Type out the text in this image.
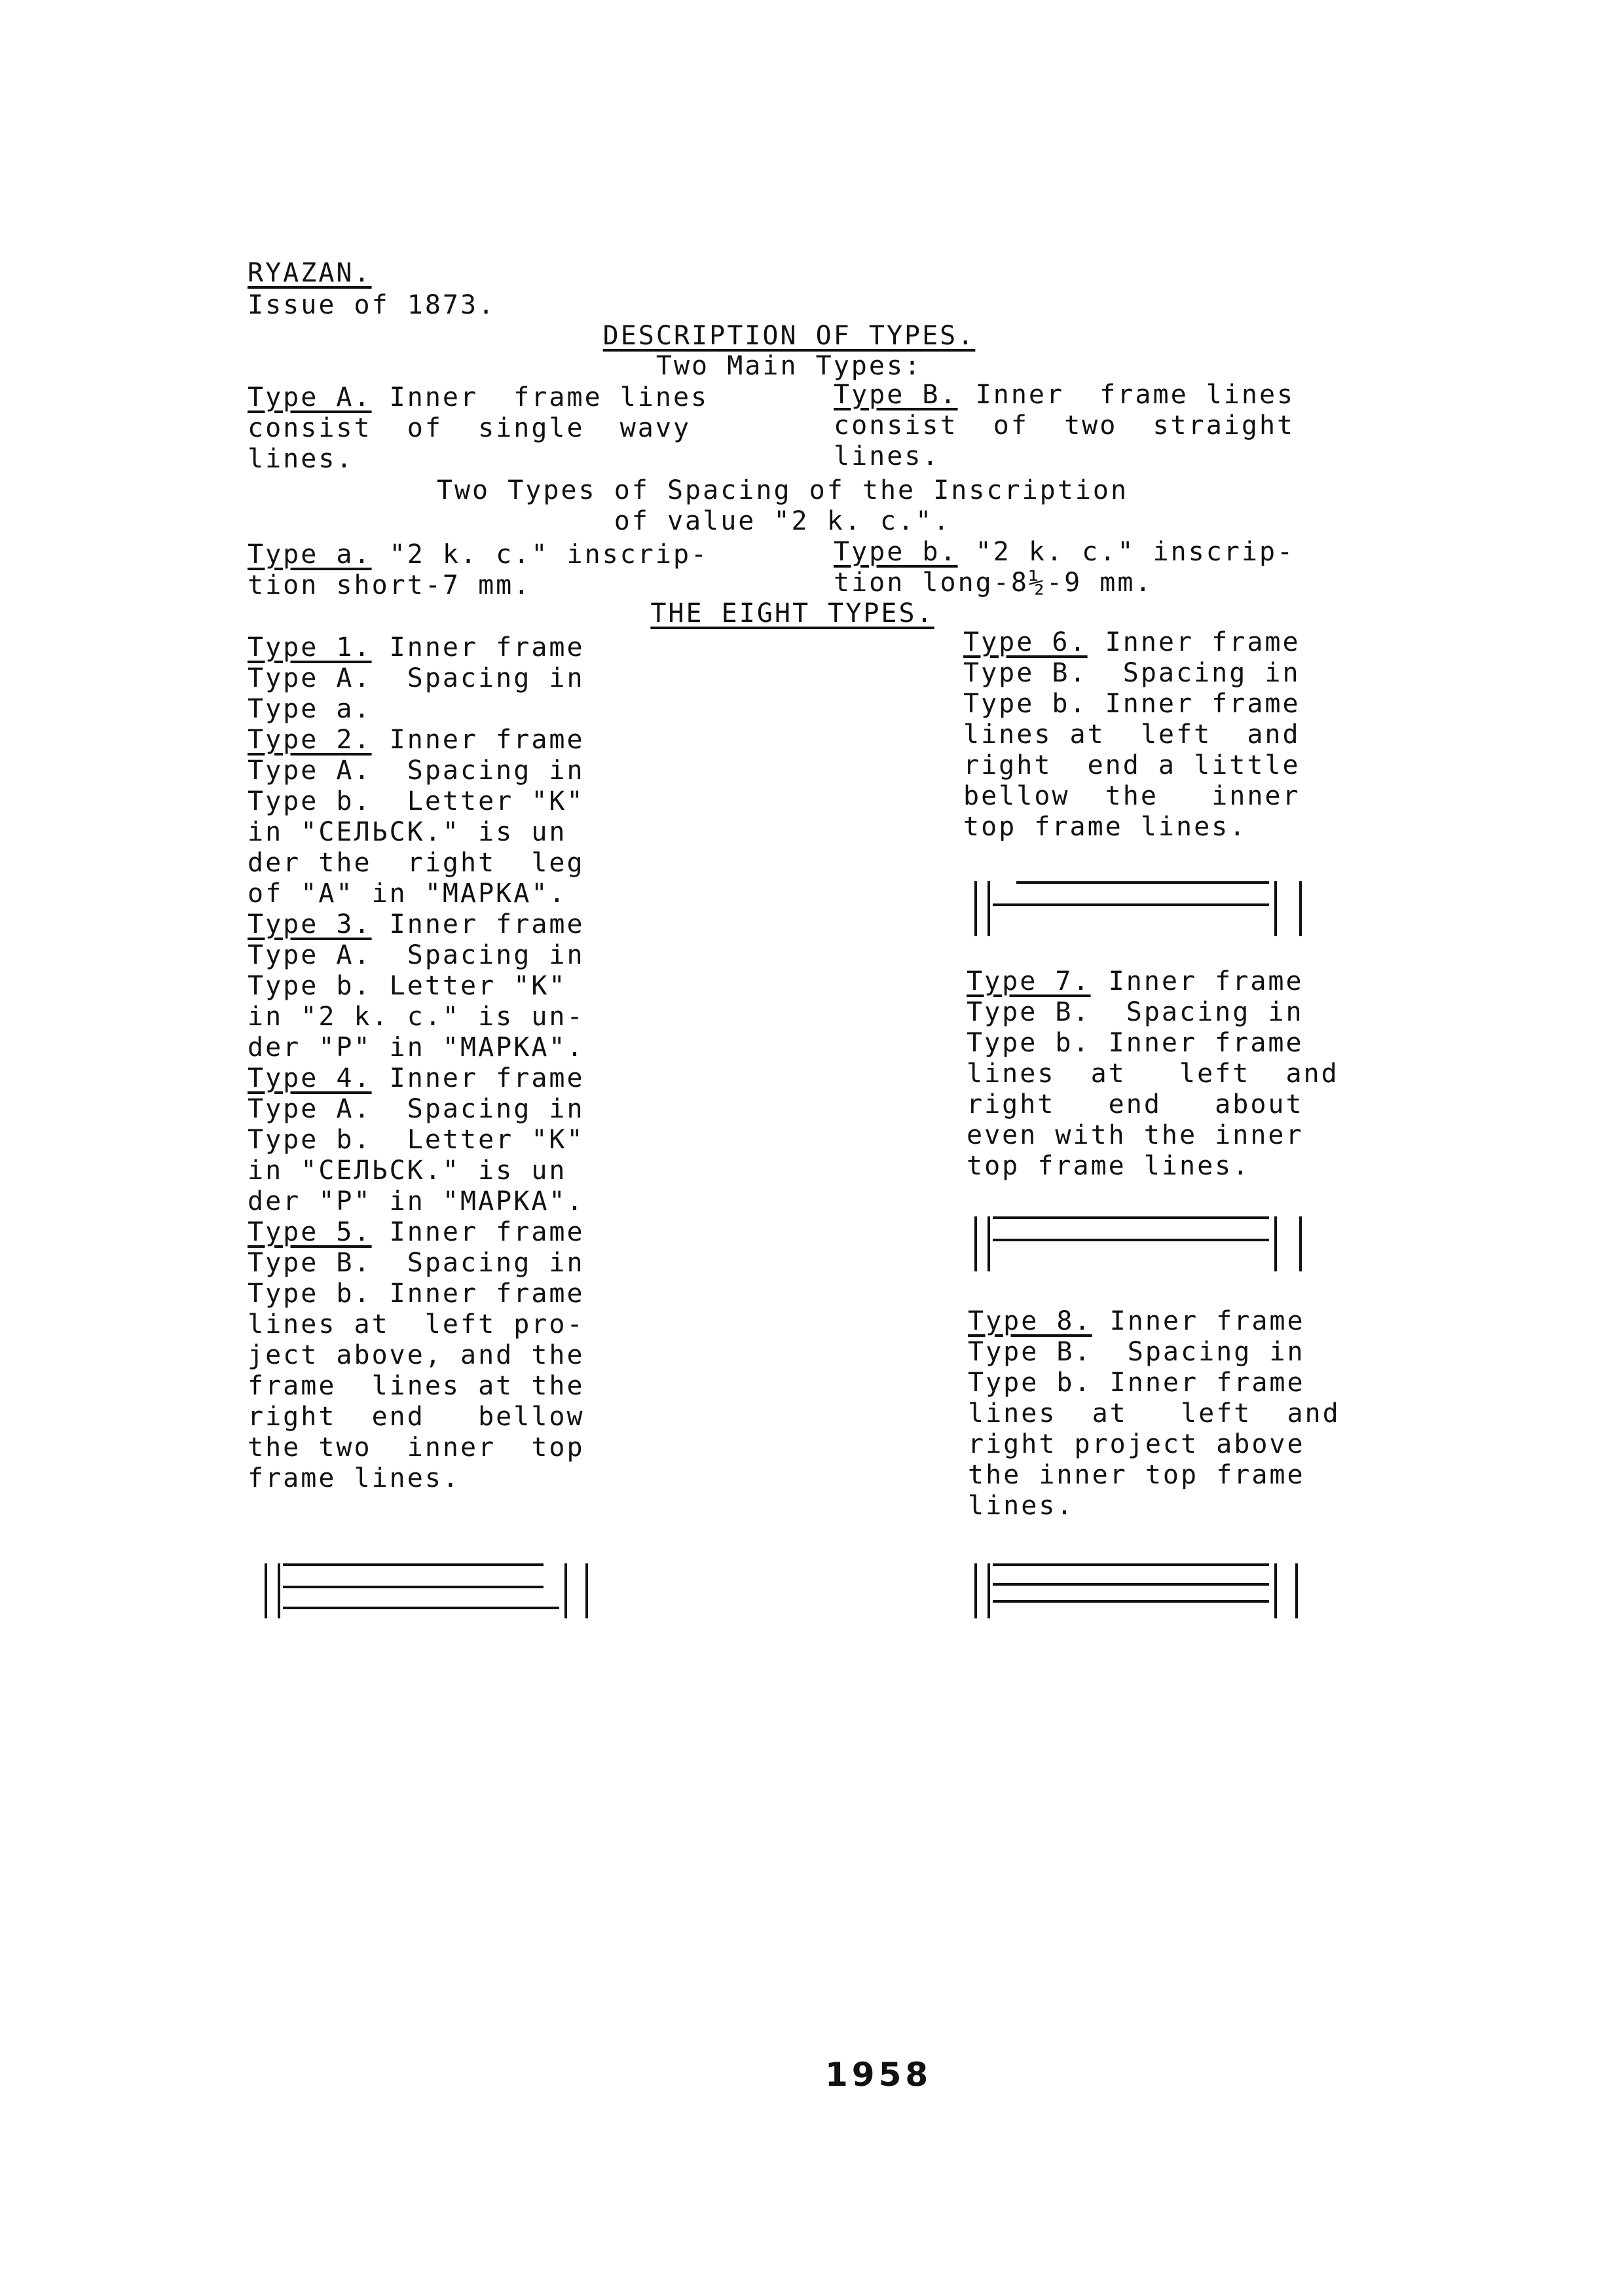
RYAZAN.
Issue of 1873.
DESCRIPTION OF TYPES.
Two Main Types:
Type A. Inner  frame lines
consist  of  single  wavy
lines.
Type B. Inner  frame lines
consist  of  two  straight
lines.
Two Types of Spacing of the Inscription
of value "2 k. c.".
Type a. "2 k. c." inscrip-
tion short-7 mm.
Type b. "2 k. c." inscrip-
tion long-8½-9 mm.
THE EIGHT TYPES.
Type 1. Inner frame
Type A.  Spacing in
Type a.
Type 2. Inner frame
Type A.  Spacing in
Type b.  Letter "K"
in "СЕЛЬСК." is un
der the  right  leg
of "A" in "MAPKA".
Type 3. Inner frame
Type A.  Spacing in
Type b. Letter "K"
in "2 k. c." is un-
der "P" in "MAPKA".
Type 4. Inner frame
Type A.  Spacing in
Type b.  Letter "K"
in "СЕЛЬСК." is un
der "P" in "MAPKA".
Type 5. Inner frame
Type B.  Spacing in
Type b. Inner frame
lines at  left pro-
ject above, and the
frame  lines at the
right  end   bellow
the two  inner  top
frame lines.
Type 6. Inner frame
Type B.  Spacing in
Type b. Inner frame
lines at  left  and
right  end a little
bellow  the   inner
top frame lines.
Type 7. Inner frame
Type B.  Spacing in
Type b. Inner frame
lines  at   left  and
right   end   about
even with the inner
top frame lines.
Type 8. Inner frame
Type B.  Spacing in
Type b. Inner frame
lines  at   left  and
right project above
the inner top frame
lines.
1958
